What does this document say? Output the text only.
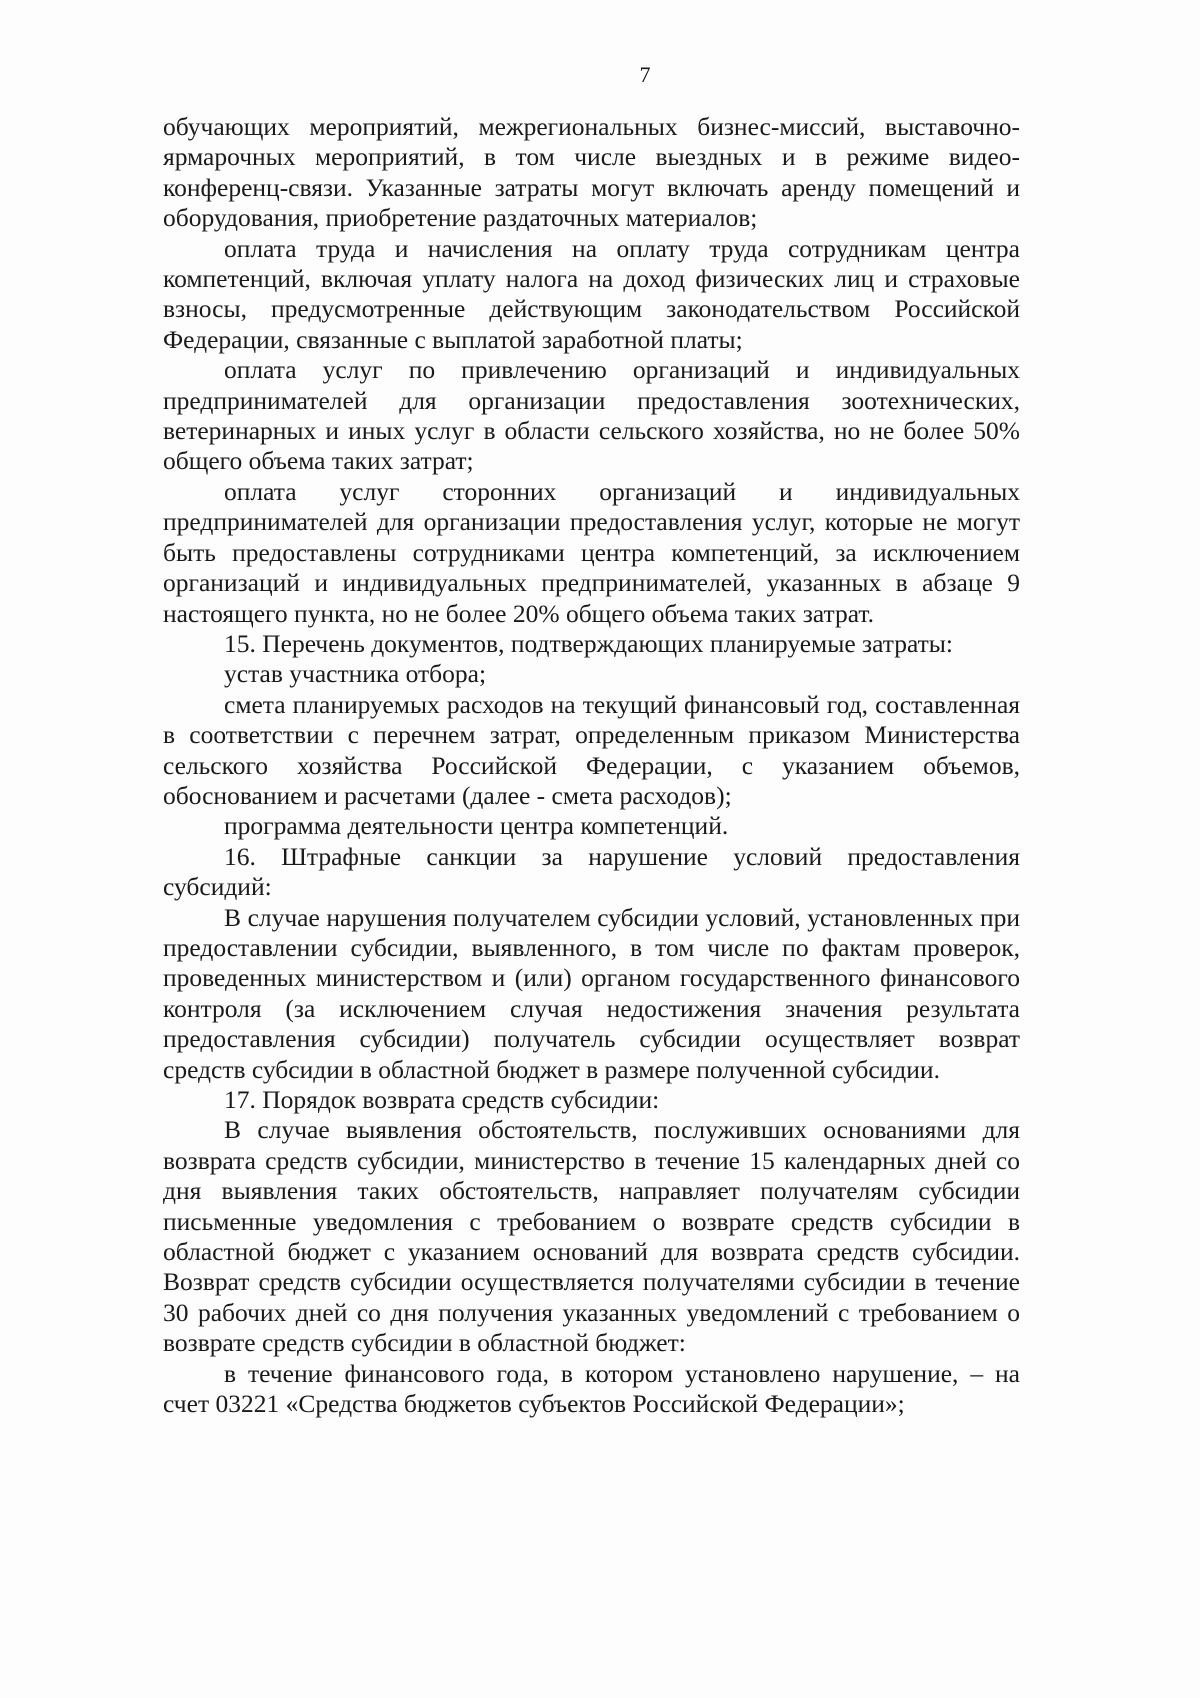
7

обучающих мероприятий, межрегиональных бизнес-миссий, выставочно-ярмарочных мероприятий, в том числе выездных и в режиме видео-конференц-связи. Указанные затраты могут включать аренду помещений и оборудования, приобретение раздаточных материалов;

оплата труда и начисления на оплату труда сотрудникам центра компетенций, включая уплату налога на доход физических лиц и страховые взносы, предусмотренные действующим законодательством Российской Федерации, связанные с выплатой заработной платы;

оплата услуг по привлечению организаций и индивидуальных предпринимателей для организации предоставления зоотехнических, ветеринарных и иных услуг в области сельского хозяйства, но не более 50% общего объема таких затрат;

оплата услуг сторонних организаций и индивидуальных предпринимателей для организации предоставления услуг, которые не могут быть предоставлены сотрудниками центра компетенций, за исключением организаций и индивидуальных предпринимателей, указанных в абзаце 9 настоящего пункта, но не более 20% общего объема таких затрат.

15. Перечень документов, подтверждающих планируемые затраты:

устав участника отбора;

смета планируемых расходов на текущий финансовый год, составленная в соответствии с перечнем затрат, определенным приказом Министерства сельского хозяйства Российской Федерации, с указанием объемов, обоснованием и расчетами (далее - смета расходов);

программа деятельности центра компетенций.

16. Штрафные санкции за нарушение условий предоставления субсидий:

В случае нарушения получателем субсидии условий, установленных при предоставлении субсидии, выявленного, в том числе по фактам проверок, проведенных министерством и (или) органом государственного финансового контроля (за исключением случая недостижения значения результата предоставления субсидии) получатель субсидии осуществляет возврат средств субсидии в областной бюджет в размере полученной субсидии.

17. Порядок возврата средств субсидии:

В случае выявления обстоятельств, послуживших основаниями для возврата средств субсидии, министерство в течение 15 календарных дней со дня выявления таких обстоятельств, направляет получателям субсидии письменные уведомления с требованием о возврате средств субсидии в областной бюджет с указанием оснований для возврата средств субсидии. Возврат средств субсидии осуществляется получателями субсидии в течение 30 рабочих дней со дня получения указанных уведомлений с требованием о возврате средств субсидии в областной бюджет:

в течение финансового года, в котором установлено нарушение, – на счет 03221 «Средства бюджетов субъектов Российской Федерации»;
